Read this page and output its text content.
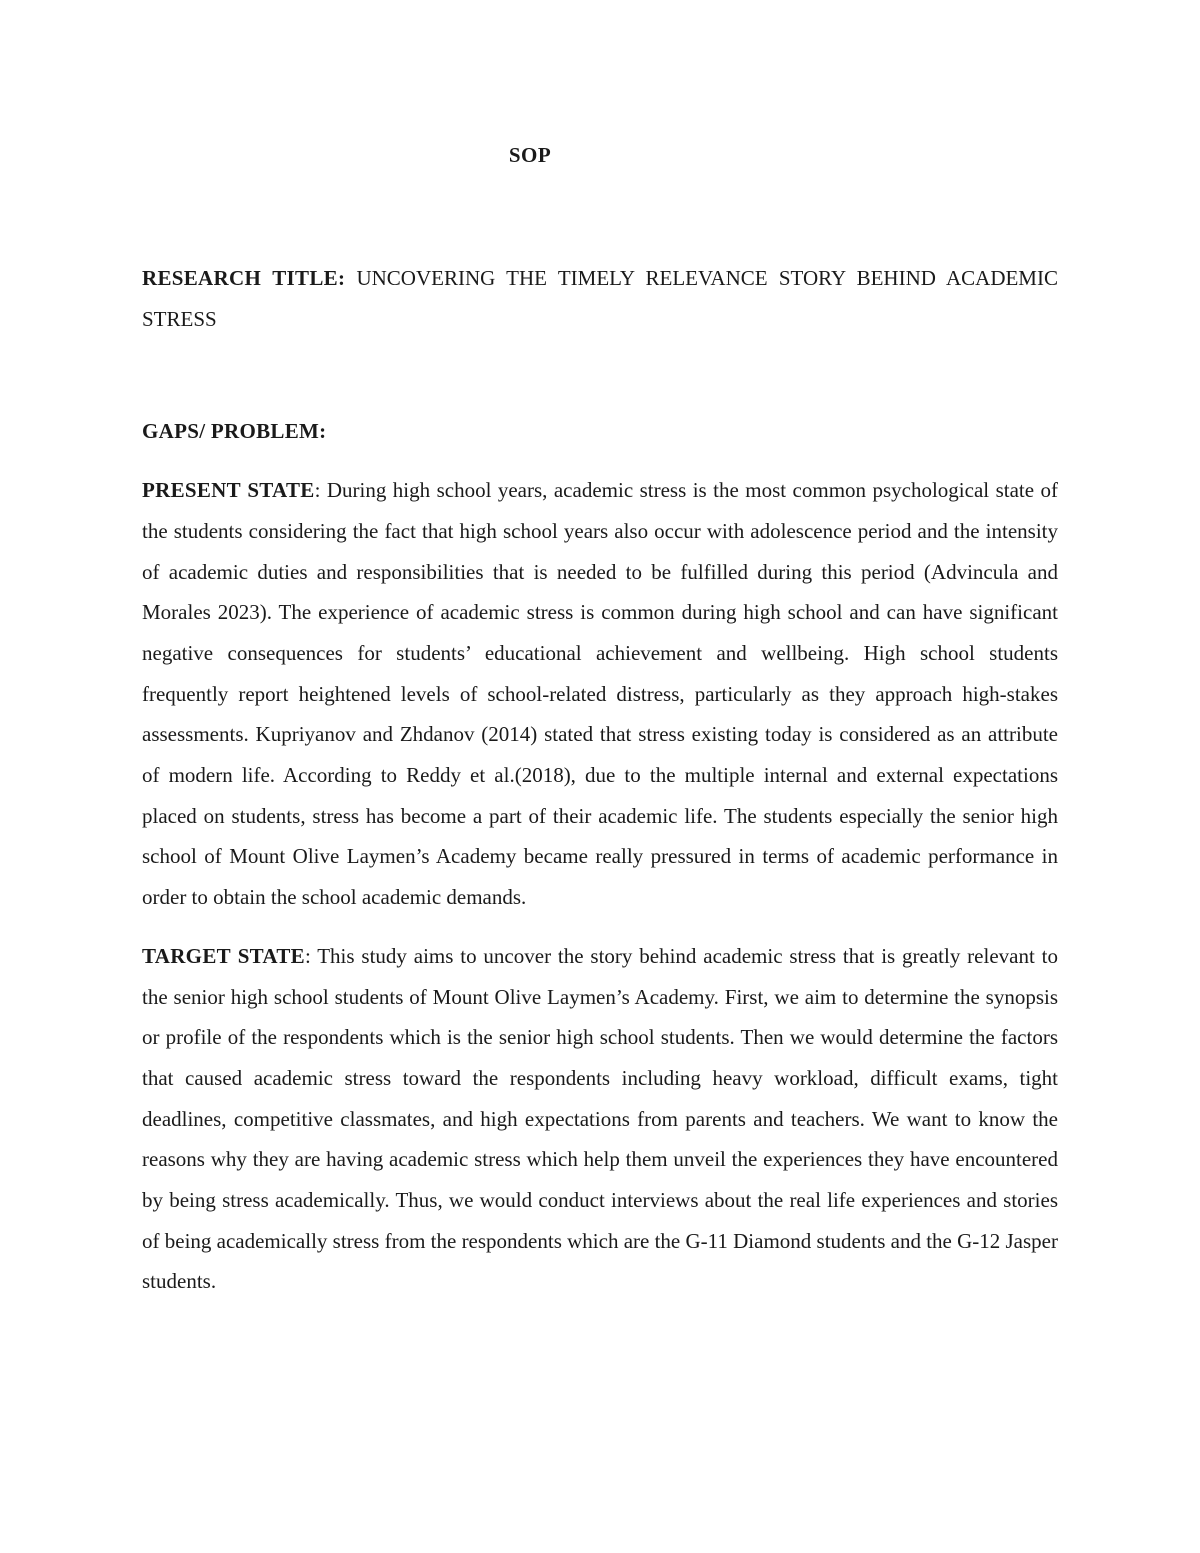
SOP

RESEARCH TITLE: UNCOVERING THE TIMELY RELEVANCE STORY BEHIND ACADEMIC STRESS

GAPS/ PROBLEM:

PRESENT STATE: During high school years, academic stress is the most common psychological state of the students considering the fact that high school years also occur with adolescence period and the intensity of academic duties and responsibilities that is needed to be fulfilled during this period (Advincula and Morales 2023). The experience of academic stress is common during high school and can have significant negative consequences for students’ educational achievement and wellbeing. High school students frequently report heightened levels of school-related distress, particularly as they approach high-stakes assessments. Kupriyanov and Zhdanov (2014) stated that stress existing today is considered as an attribute of modern life. According to Reddy et al.(2018), due to the multiple internal and external expectations placed on students, stress has become a part of their academic life. The students especially the senior high school of Mount Olive Laymen’s Academy became really pressured in terms of academic performance in order to obtain the school academic demands.

TARGET STATE: This study aims to uncover the story behind academic stress that is greatly relevant to the senior high school students of Mount Olive Laymen’s Academy. First, we aim to determine the synopsis or profile of the respondents which is the senior high school students. Then we would determine the factors that caused academic stress toward the respondents including heavy workload, difficult exams, tight deadlines, competitive classmates, and high expectations from parents and teachers. We want to know the reasons why they are having academic stress which help them unveil the experiences they have encountered by being stress academically. Thus, we would conduct interviews about the real life experiences and stories of being academically stress from the respondents which are the G-11 Diamond students and the G-12 Jasper students.
